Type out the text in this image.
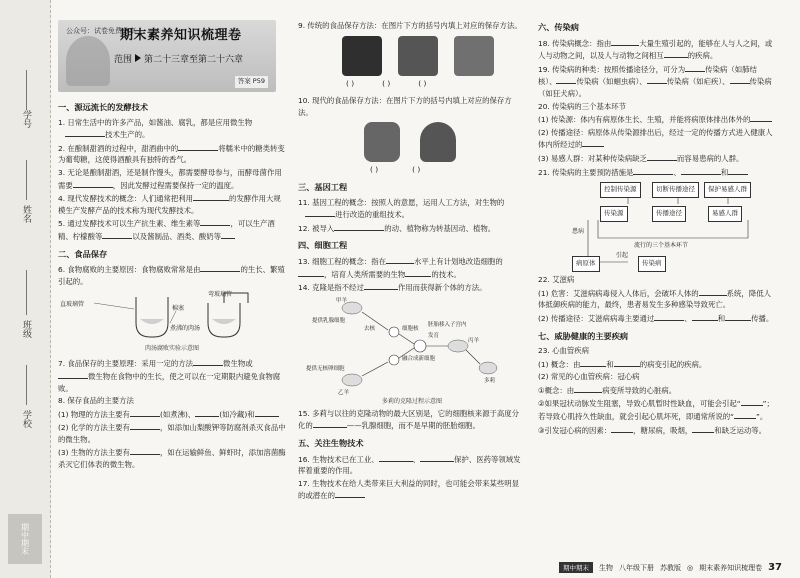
学号
姓名
班级
学校
期中期末
公众号：试卷免费分享
期末素养知识梳理卷
范围 第二十三章至第二十六章
答案 P59
一、源远流长的发酵技术

1. 日常生活中的许多产品，如酱油、腐乳，都是应用微生物
技术生产的。

2. 在酿制甜酒的过程中，甜酒曲中的	将糯米中的糖类转变为葡萄糖，这使得酒酿具有独特的香气。

3. 无论是酿制甜酒，还是制作馒头，都需要酵母参与，而酵母菌作用需要	，因此发酵过程需要保持一定的温度。

4. 现代发酵技术的概念：人们通常把利用	的发酵作用大规模生产发酵产品的技术称为现代发酵技术。

5. 通过发酵技术可以生产抗生素、维生素等	，可以生产酒精、柠檬酸等	以及酱制品、酒类、酸奶等

二、食品保存

6. 食物腐败的主要原因：食物腐败常常是由	的生长、繁殖引起的。

弯玻璃管
直玻璃管
棉塞
煮沸的肉汤
肉汤腐败实验示意图

7. 食品保存的主要原理：采用一定的方法	微生物或
微生物在食物中的生长，使之可以在一定期限内避免食物腐败。

8. 保存食品的主要方法

(1) 物理的方法主要有	(如煮沸)、	(如冷藏)和

(2) 化学的方法主要有	，如添加山梨酸钾等防腐剂杀灭食品中的微生物。

(3) 生物的方法主要有	，如在运输鲜鱼、鲜虾时，添加溶菌酶杀灭它们体表的微生物。

9. 传统的食品保存方法：在图片下方的括号内填上对应的保存方法。

( )	( )	( )

10. 现代的食品保存方法：在图片下方的括号内填上对应的保存方法。

( )	( )
三、基因工程

11. 基因工程的概念：按照人的意愿，运用人工方法，对生物的
进行改造的重组技术。

12. 被导入	的动、植物称为转基因动、植物。

四、细胞工程

13. 细胞工程的概念：指在	水平上有计划地改造细胞的
，培育人类所需要的生物	的技术。

14. 克隆是指不经过	作用而获得新个体的方法。

甲羊
提供乳腺细胞
去核	细胞核
融合成新细胞
胚胎移入子宫内发育
丙羊
多莉
提供无核卵细胞
乙羊
多莉的克隆过程示意图

15. 多莉与以往的克隆动物的最大区别是，它的细胞核来源于高度分化的	——乳腺细胞，而不是早期的胚胎细胞。

五、关注生物技术

16. 生物技术已在工业、	、	保护、医药等领域发挥着重要的作用。

17. 生物技术在给人类带来巨大利益的同时，也可能会带来某些明显的或潜在的

六、传染病

18. 传染病概念：指由	大量生殖引起的，能够在人与人之间，或人与动物之间，以及人与动物之间相互	的疾病。

19. 传染病的种类：按照传播途径分，可分为	传染病（如肺结核）、	传染病（如蛔虫病）、	传染病（如疟疾）、	传染病（如狂犬病）。

20. 传染病的三个基本环节

(1) 传染源：体内有病原体生长、生殖，并能将病原体排出体外的

(2) 传播途径：病原体从传染源排出后，经过一定的传播方式进入健康人体内所经过的

(3) 易感人群：对某种传染病缺乏	而容易患病的人群。

21. 传染病的主要预防措施是	、	和

控制传染源	切断传播途径	保护易感人群
传染源	传播途径	易感人群
流行的三个基本环节
病原体
引起
传染病
患病

22. 艾滋病

(1) 危害：艾滋病病毒侵入人体后，会破坏人体的	系统，降低人体抵御疾病的能力，最终，患者易发生多种感染导致死亡。

(2) 传播途径：艾滋病病毒主要通过	、	和	传播。

七、威胁健康的主要疾病

23. 心血管疾病

(1) 概念：由	和	的病变引起的疾病。

(2) 常见的心血管疾病：冠心病

①概念：由	病变所导致的心脏病。

②如果冠状动脉发生阻塞，导致心肌暂时性缺血，可能会引起“	”；若导致心肌持久性缺血，就会引起心肌坏死，即通常所说的“	”。

③引发冠心病的因素：	，糖尿病，吸烟，	和缺乏运动等。

期中期末	生物 八年级下册 苏教版 ◎ 期末素养知识梳理卷 37
